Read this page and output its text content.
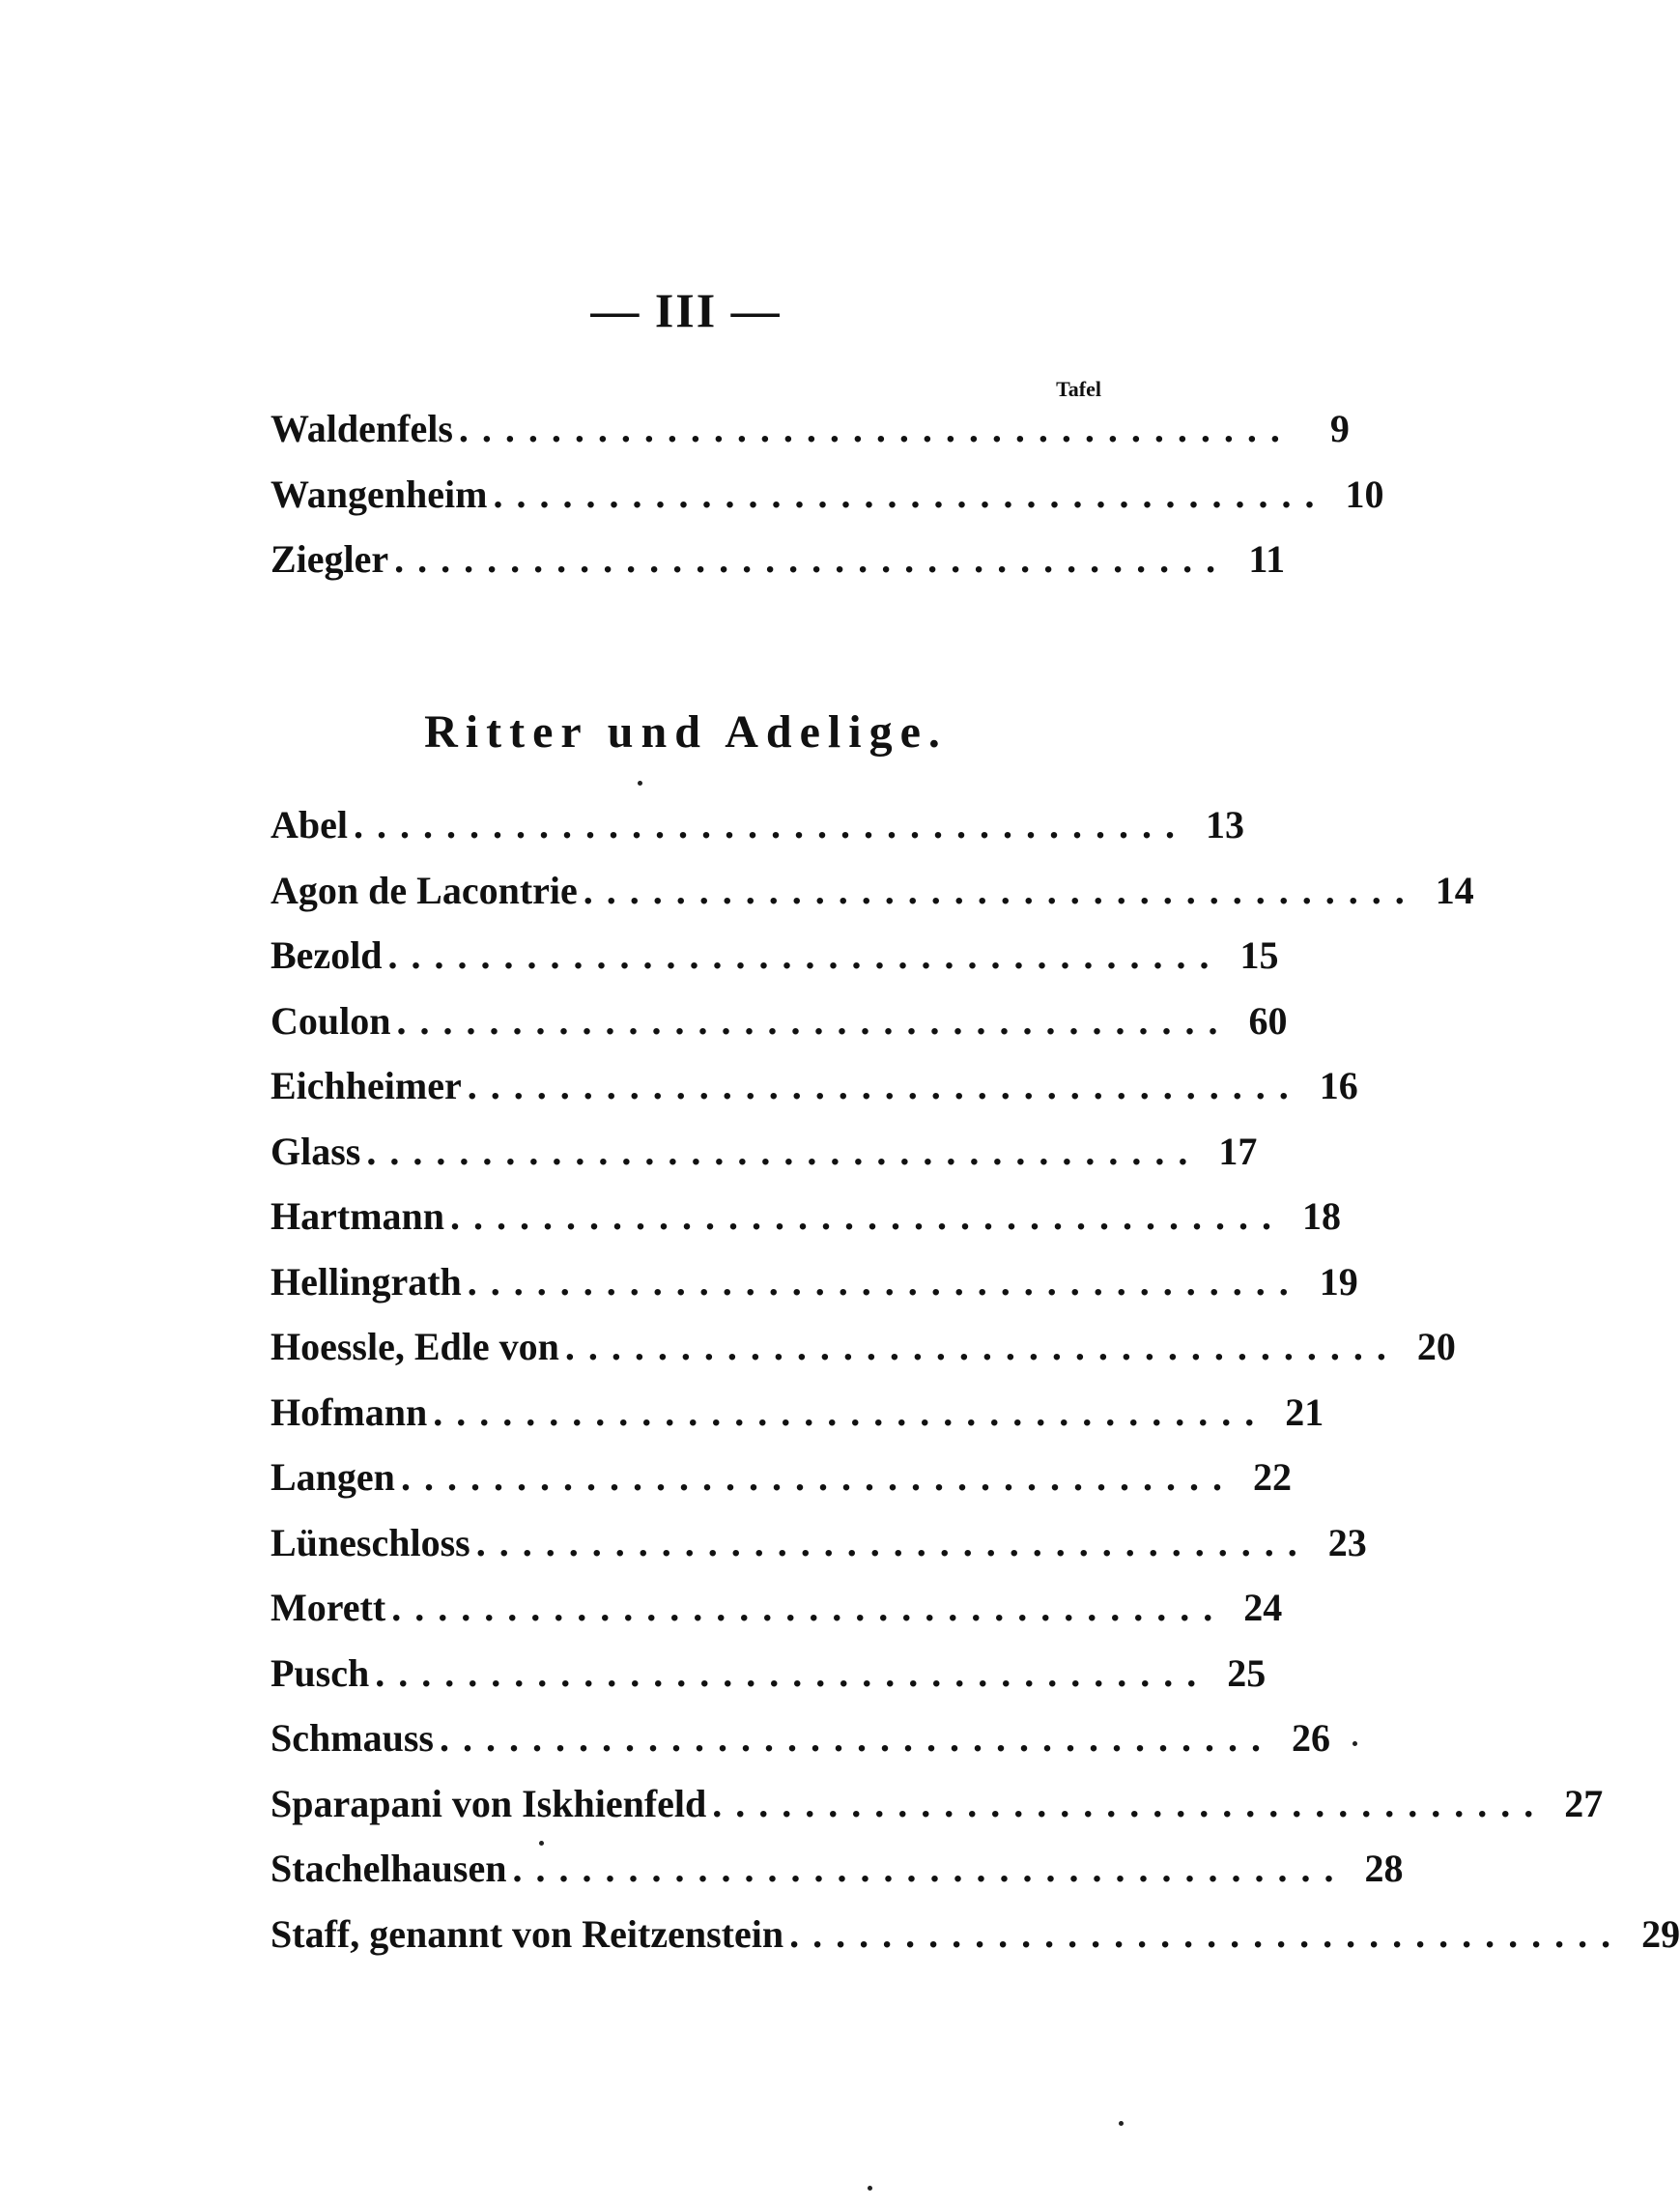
— III —
Tafel
Waldenfels .................................... 9
Wangenheim .................................... 10
Ziegler .................................... 11
Ritter und Adelige.
Abel .................................... 13
Agon de Lacontrie .................................... 14
Bezold .................................... 15
Coulon .................................... 60
Eichheimer .................................... 16
Glass .................................... 17
Hartmann .................................... 18
Hellingrath .................................... 19
Hoessle, Edle von .................................... 20
Hofmann .................................... 21
Langen .................................... 22
Lüneschloss .................................... 23
Morett .................................... 24
Pusch .................................... 25
Schmauss .................................... 26
Sparapani von Iskhienfeld .................................... 27
Stachelhausen .................................... 28
Staff, genannt von Reitzenstein .................................... 29
